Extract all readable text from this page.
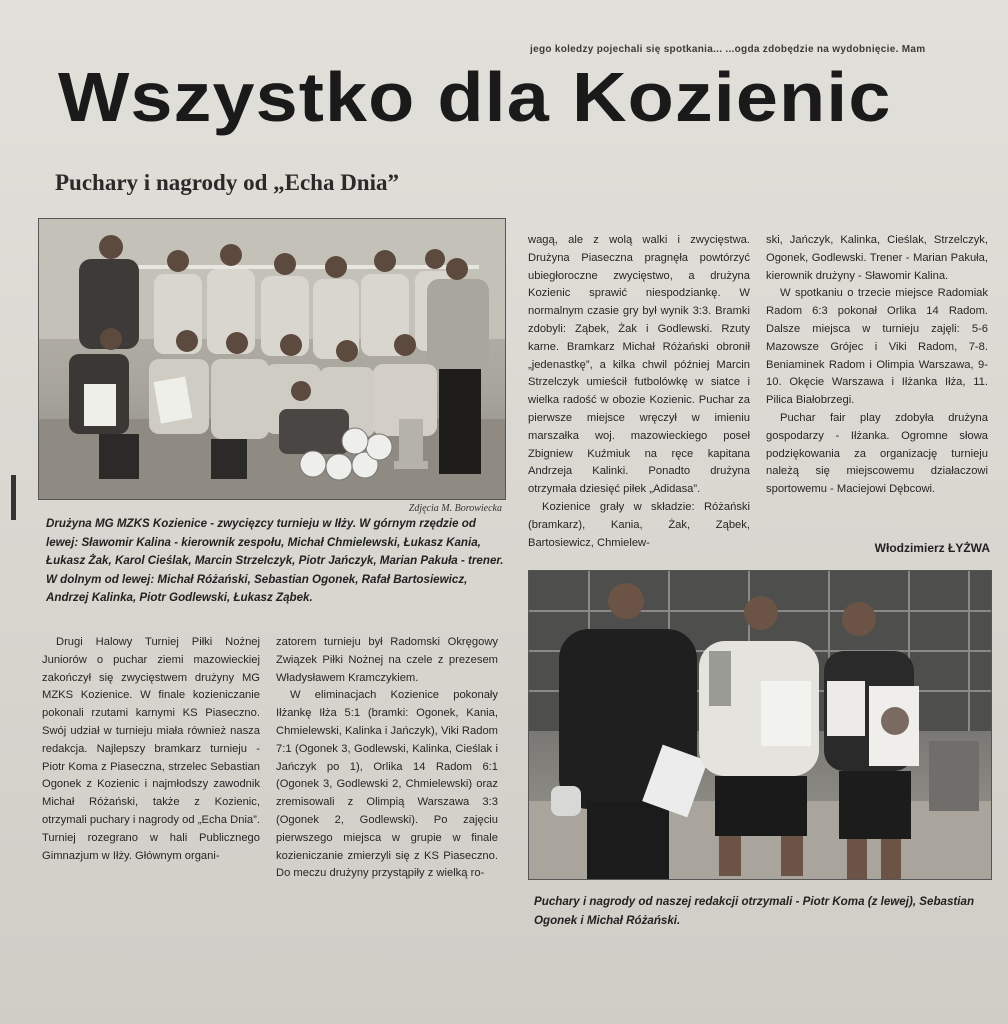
jego koledzy pojechali się spotkania... ...ogda zdobędzie na wydobnięcie. Mam
Wszystko dla Kozienic
Puchary i nagrody od „Echa Dnia”
Zdjęcia M. Borowiecka
Drużyna MG MZKS Kozienice - zwycięzcy turnieju w Iłży. W górnym rzędzie od lewej: Sławomir Kalina - kierownik zespołu, Michał Chmielewski, Łukasz Kania, Łukasz Żak, Karol Cieślak, Marcin Strzelczyk, Piotr Jańczyk, Marian Pakuła - trener. W dolnym od lewej: Michał Różański, Sebastian Ogonek, Rafał Bartosiewicz, Andrzej Kalinka, Piotr Godlewski, Łukasz Ząbek.

Drugi Halowy Turniej Piłki Nożnej Juniorów o puchar ziemi mazowieckiej zakończył się zwycięstwem drużyny MG MZKS Kozienice. W finale kozieniczanie pokonali rzutami karnymi KS Piaseczno. Swój udział w turnieju miała również nasza redakcja. Najlepszy bramkarz turnieju - Piotr Koma z Piaseczna, strzelec Sebastian Ogonek z Kozienic i najmłodszy zawodnik Michał Różański, także z Kozienic, otrzymali puchary i nagrody od „Echa Dnia”. Turniej rozegrano w hali Publicznego Gimnazjum w Iłży. Głównym organi-

zatorem turnieju był Radomski Okręgowy Związek Piłki Nożnej na czele z prezesem Władysławem Kramczykiem.

W eliminacjach Kozienice pokonały Iłżankę Iłża 5:1 (bramki: Ogonek, Kania, Chmielewski, Kalinka i Jańczyk), Viki Radom 7:1 (Ogonek 3, Godlewski, Kalinka, Cieślak i Jańczyk po 1), Orlika 14 Radom 6:1 (Ogonek 3, Godlewski 2, Chmielewski) oraz zremisowali z Olimpią Warszawa 3:3 (Ogonek 2, Godlewski). Po zajęciu pierwszego miejsca w grupie w finale kozieniczanie zmierzyli się z KS Piaseczno. Do meczu drużyny przystąpiły z wielką ro-

wagą, ale z wolą walki i zwycięstwa. Drużyna Piaseczna pragnęła powtórzyć ubiegłoroczne zwycięstwo, a drużyna Kozienic sprawić niespodziankę. W normalnym czasie gry był wynik 3:3. Bramki zdobyli: Ząbek, Żak i Godlewski. Rzuty karne. Bramkarz Michał Różański obronił „jedenastkę”, a kilka chwil później Marcin Strzelczyk umieścił futbolówkę w siatce i wielka radość w obozie Kozienic. Puchar za pierwsze miejsce wręczył w imieniu marszałka woj. mazowieckiego poseł Zbigniew Kuźmiuk na ręce kapitana Andrzeja Kalinki. Ponadto drużyna otrzymała dziesięć piłek „Adidasa”.

Kozienice grały w składzie: Różański (bramkarz), Kania, Żak, Ząbek, Bartosiewicz, Chmielew-

ski, Jańczyk, Kalinka, Cieślak, Strzelczyk, Ogonek, Godlewski. Trener - Marian Pakuła, kierownik drużyny - Sławomir Kalina.

W spotkaniu o trzecie miejsce Radomiak Radom 6:3 pokonał Orlika 14 Radom. Dalsze miejsca w turnieju zajęli: 5-6 Mazowsze Grójec i Viki Radom, 7-8. Beniaminek Radom i Olimpia Warszawa, 9-10. Okęcie Warszawa i Iłżanka Iłża, 11. Pilica Białobrzegi.

Puchar fair play zdobyła drużyna gospodarzy - Iłżanka. Ogromne słowa podziękowania za organizację turnieju należą się miejscowemu działaczowi sportowemu - Maciejowi Dębcowi.

Włodzimierz ŁYŻWA
Puchary i nagrody od naszej redakcji otrzymali - Piotr Koma (z lewej), Sebastian Ogonek i Michał Różański.
